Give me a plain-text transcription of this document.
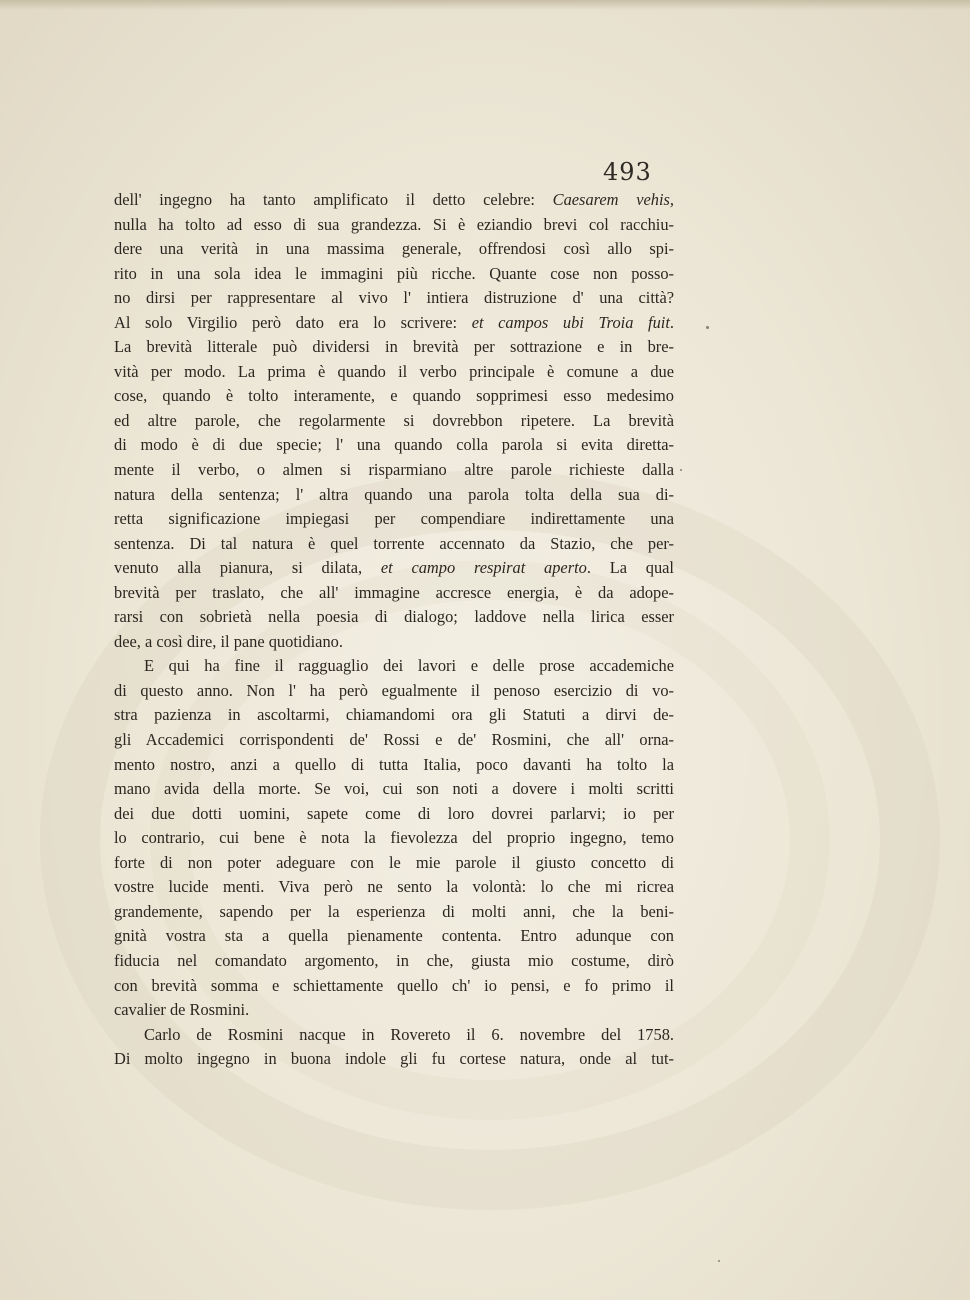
493
dell' ingegno ha tanto amplificato il detto celebre: Caesarem vehis,
nulla ha tolto ad esso di sua grandezza. Si è eziandio brevi col racchiu-
dere una verità in una massima generale, offrendosi così allo spi-
rito in una sola idea le immagini più ricche. Quante cose non posso-
no dirsi per rappresentare al vivo l' intiera distruzione d' una città?
Al solo Virgilio però dato era lo scrivere: et campos ubi Troia fuit.
La brevità litterale può dividersi in brevità per sottrazione e in bre-
vità per modo. La prima è quando il verbo principale è comune a due
cose, quando è tolto interamente, e quando sopprimesi esso medesimo
ed altre parole, che regolarmente si dovrebbon ripetere. La brevità
di modo è di due specie; l' una quando colla parola si evita diretta-
mente il verbo, o almen si risparmiano altre parole richieste dalla
natura della sentenza; l' altra quando una parola tolta della sua di-
retta significazione impiegasi per compendiare indirettamente una
sentenza. Di tal natura è quel torrente accennato da Stazio, che per-
venuto alla pianura, si dilata, et campo respirat aperto. La qual
brevità per traslato, che all' immagine accresce energia, è da adope-
rarsi con sobrietà nella poesia di dialogo; laddove nella lirica esser
dee, a così dire, il pane quotidiano.
E qui ha fine il ragguaglio dei lavori e delle prose accademiche
di questo anno. Non l' ha però egualmente il penoso esercizio di vo-
stra pazienza in ascoltarmi, chiamandomi ora gli Statuti a dirvi de-
gli Accademici corrispondenti de' Rossi e de' Rosmini, che all' orna-
mento nostro, anzi a quello di tutta Italia, poco davanti ha tolto la
mano avida della morte. Se voi, cui son noti a dovere i molti scritti
dei due dotti uomini, sapete come di loro dovrei parlarvi; io per
lo contrario, cui bene è nota la fievolezza del proprio ingegno, temo
forte di non poter adeguare con le mie parole il giusto concetto di
vostre lucide menti. Viva però ne sento la volontà: lo che mi ricrea
grandemente, sapendo per la esperienza di molti anni, che la beni-
gnità vostra sta a quella pienamente contenta. Entro adunque con
fiducia nel comandato argomento, in che, giusta mio costume, dirò
con brevità somma e schiettamente quello ch' io pensi, e fo primo il
cavalier de Rosmini.
Carlo de Rosmini nacque in Rovereto il 6. novembre del 1758.
Di molto ingegno in buona indole gli fu cortese natura, onde al tut-
